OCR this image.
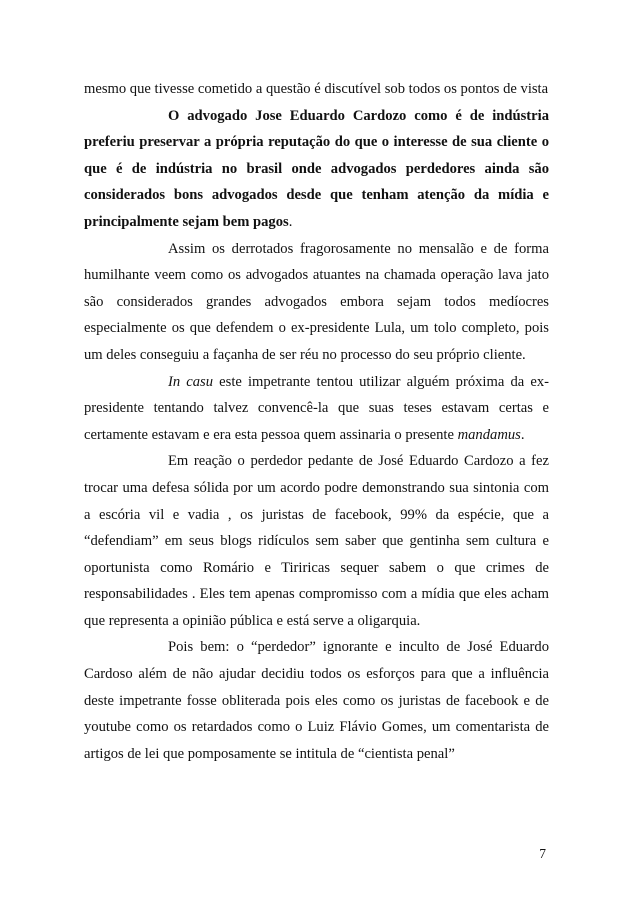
mesmo que tivesse cometido a questão é discutível sob todos os pontos de vista

O advogado Jose Eduardo Cardozo como é de indústria preferiu preservar a própria reputação do que o interesse de sua cliente o que é de indústria no brasil onde advogados perdedores ainda são considerados bons advogados desde que tenham atenção da mídia e principalmente sejam bem pagos.

Assim os derrotados fragorosamente no mensalão e de forma humilhante veem como os advogados atuantes na chamada operação lava jato são considerados grandes advogados embora sejam todos medíocres especialmente os que defendem o ex-presidente Lula, um tolo completo, pois um deles conseguiu a façanha de ser réu no processo do seu próprio cliente.

In casu este impetrante tentou utilizar alguém próxima da ex-presidente tentando talvez convencê-la que suas teses estavam certas e certamente estavam e era esta pessoa quem assinaria o presente mandamus.

Em reação o perdedor pedante de José Eduardo Cardozo a fez trocar uma defesa sólida por um acordo podre demonstrando sua sintonia com a escória vil e vadia , os juristas de facebook, 99% da espécie, que a “defendiam” em seus blogs ridículos sem saber que gentinha sem cultura e oportunista como Romário e Tiriricas sequer sabem o que crimes de responsabilidades . Eles tem apenas compromisso com a mídia que eles acham que representa a opinião pública e está serve a oligarquia.

Pois bem: o “perdedor” ignorante e inculto de José Eduardo Cardoso além de não ajudar decidiu todos os esforços para que a influência deste impetrante fosse obliterada pois eles como os juristas de facebook e de youtube como os retardados como o Luiz Flávio Gomes, um comentarista de artigos de lei que pomposamente se intitula de “cientista penal”

7
